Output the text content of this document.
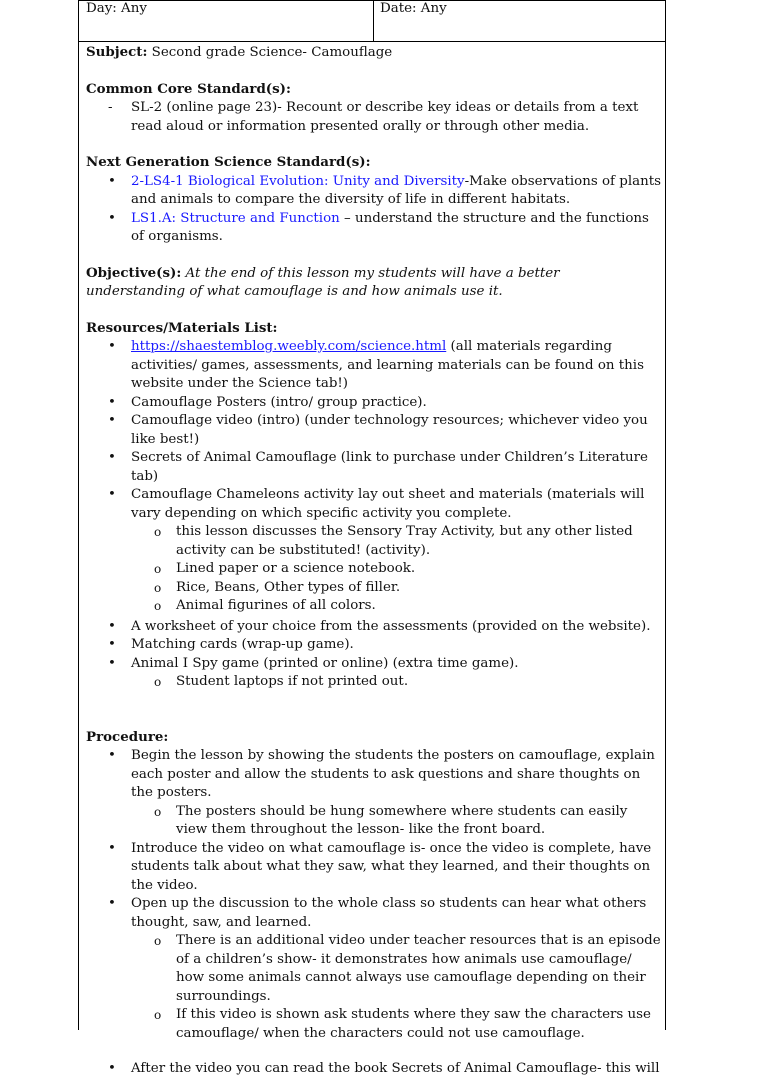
Day: Any	Date: Any

Subject: Second grade Science- Camouflage

Common Core Standard(s):

- SL-2 (online page 23)- Recount or describe key ideas or details from a text read aloud or information presented orally or through other media.

Next Generation Science Standard(s):

• 2-LS4-1 Biological Evolution: Unity and Diversity-Make observations of plants and animals to compare the diversity of life in different habitats.
• LS1.A: Structure and Function – understand the structure and the functions of organisms.

Objective(s): At the end of this lesson my students will have a better understanding of what camouflage is and how animals use it.

Resources/Materials List:

• https://shaestemblog.weebly.com/science.html (all materials regarding activities/ games, assessments, and learning materials can be found on this website under the Science tab!)
• Camouflage Posters (intro/ group practice).
• Camouflage video (intro) (under technology resources; whichever video you like best!)
• Secrets of Animal Camouflage (link to purchase under Children’s Literature tab)
• Camouflage Chameleons activity lay out sheet and materials (materials will vary depending on which specific activity you complete.
o this lesson discusses the Sensory Tray Activity, but any other listed activity can be substituted! (activity).
o Lined paper or a science notebook.
o Rice, Beans, Other types of filler.
o Animal figurines of all colors.
• A worksheet of your choice from the assessments (provided on the website).
• Matching cards (wrap-up game).
• Animal I Spy game (printed or online) (extra time game).
o Student laptops if not printed out.

Procedure:

• Begin the lesson by showing the students the posters on camouflage, explain each poster and allow the students to ask questions and share thoughts on the posters.
o The posters should be hung somewhere where students can easily view them throughout the lesson- like the front board.
• Introduce the video on what camouflage is- once the video is complete, have students talk about what they saw, what they learned, and their thoughts on the video.
• Open up the discussion to the whole class so students can hear what others thought, saw, and learned.
o There is an additional video under teacher resources that is an episode of a children’s show- it demonstrates how animals use camouflage/ how some animals cannot always use camouflage depending on their surroundings.
o If this video is shown ask students where they saw the characters use camouflage/ when the characters could not use camouflage.
• After the video you can read the book Secrets of Animal Camouflage- this will
